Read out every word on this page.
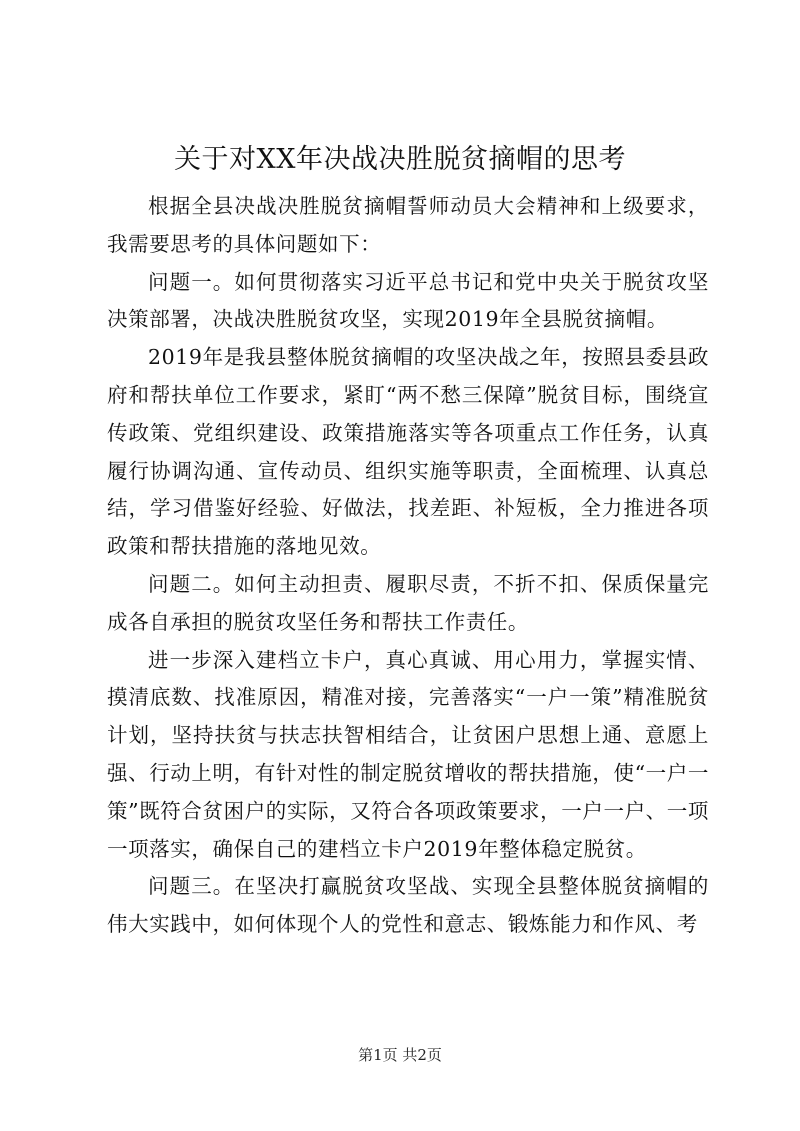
关于对XX年决战决胜脱贫摘帽的思考

根据全县决战决胜脱贫摘帽誓师动员大会精神和上级要求，我需要思考的具体问题如下：

问题一。如何贯彻落实习近平总书记和党中央关于脱贫攻坚决策部署，决战决胜脱贫攻坚，实现2019年全县脱贫摘帽。

2019年是我县整体脱贫摘帽的攻坚决战之年，按照县委县政府和帮扶单位工作要求，紧盯“两不愁三保障”脱贫目标，围绕宣传政策、党组织建设、政策措施落实等各项重点工作任务，认真履行协调沟通、宣传动员、组织实施等职责，全面梳理、认真总结，学习借鉴好经验、好做法，找差距、补短板，全力推进各项政策和帮扶措施的落地见效。

问题二。如何主动担责、履职尽责，不折不扣、保质保量完成各自承担的脱贫攻坚任务和帮扶工作责任。

进一步深入建档立卡户，真心真诚、用心用力，掌握实情、摸清底数、找准原因，精准对接，完善落实“一户一策”精准脱贫计划，坚持扶贫与扶志扶智相结合，让贫困户思想上通、意愿上强、行动上明，有针对性的制定脱贫增收的帮扶措施，使“一户一策”既符合贫困户的实际，又符合各项政策要求，一户一户、一项一项落实，确保自己的建档立卡户2019年整体稳定脱贫。

问题三。在坚决打赢脱贫攻坚战、实现全县整体脱贫摘帽的伟大实践中，如何体现个人的党性和意志、锻炼能力和作风、考

第1页 共2页
